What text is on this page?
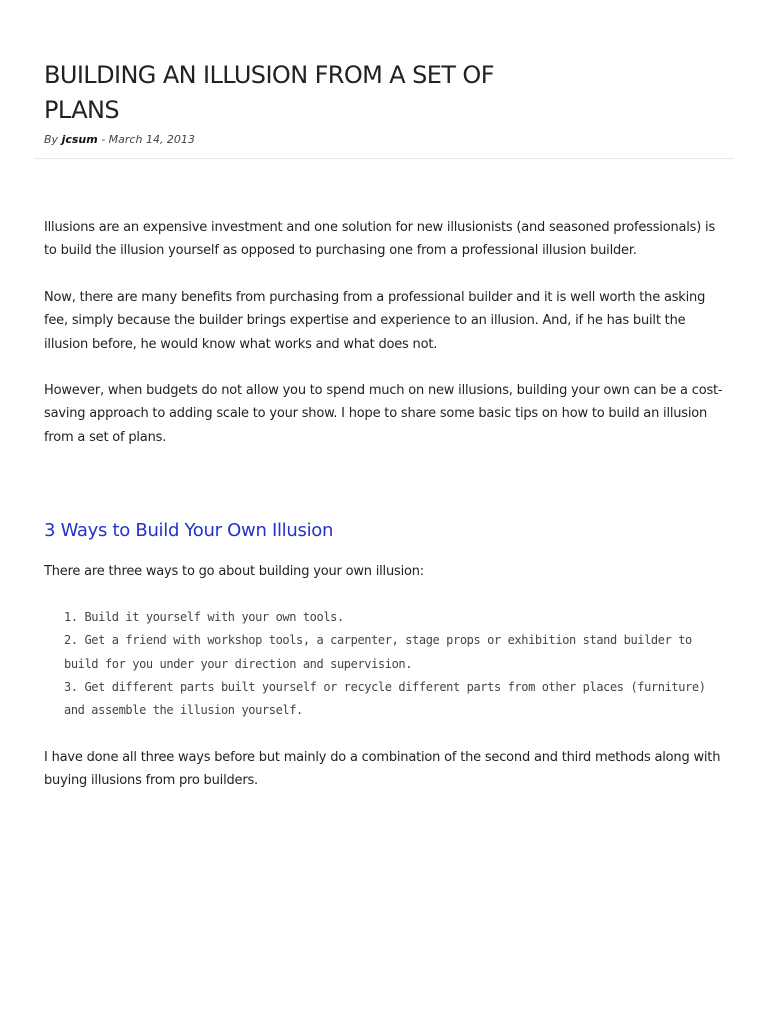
BUILDING AN ILLUSION FROM A SET OF PLANS
By jcsum - March 14, 2013

Illusions are an expensive investment and one solution for new illusionists (and seasoned professionals) is to build the illusion yourself as opposed to purchasing one from a professional illusion builder.

Now, there are many benefits from purchasing from a professional builder and it is well worth the asking fee, simply because the builder brings expertise and experience to an illusion. And, if he has built the illusion before, he would know what works and what does not.

However, when budgets do not allow you to spend much on new illusions, building your own can be a cost-saving approach to adding scale to your show. I hope to share some basic tips on how to build an illusion from a set of plans.

3 Ways to Build Your Own Illusion

There are three ways to go about building your own illusion:

1. Build it yourself with your own tools.
2. Get a friend with workshop tools, a carpenter, stage props or exhibition stand builder to build for you under your direction and supervision.
3. Get different parts built yourself or recycle different parts from other places (furniture) and assemble the illusion yourself.

I have done all three ways before but mainly do a combination of the second and third methods along with buying illusions from pro builders.
